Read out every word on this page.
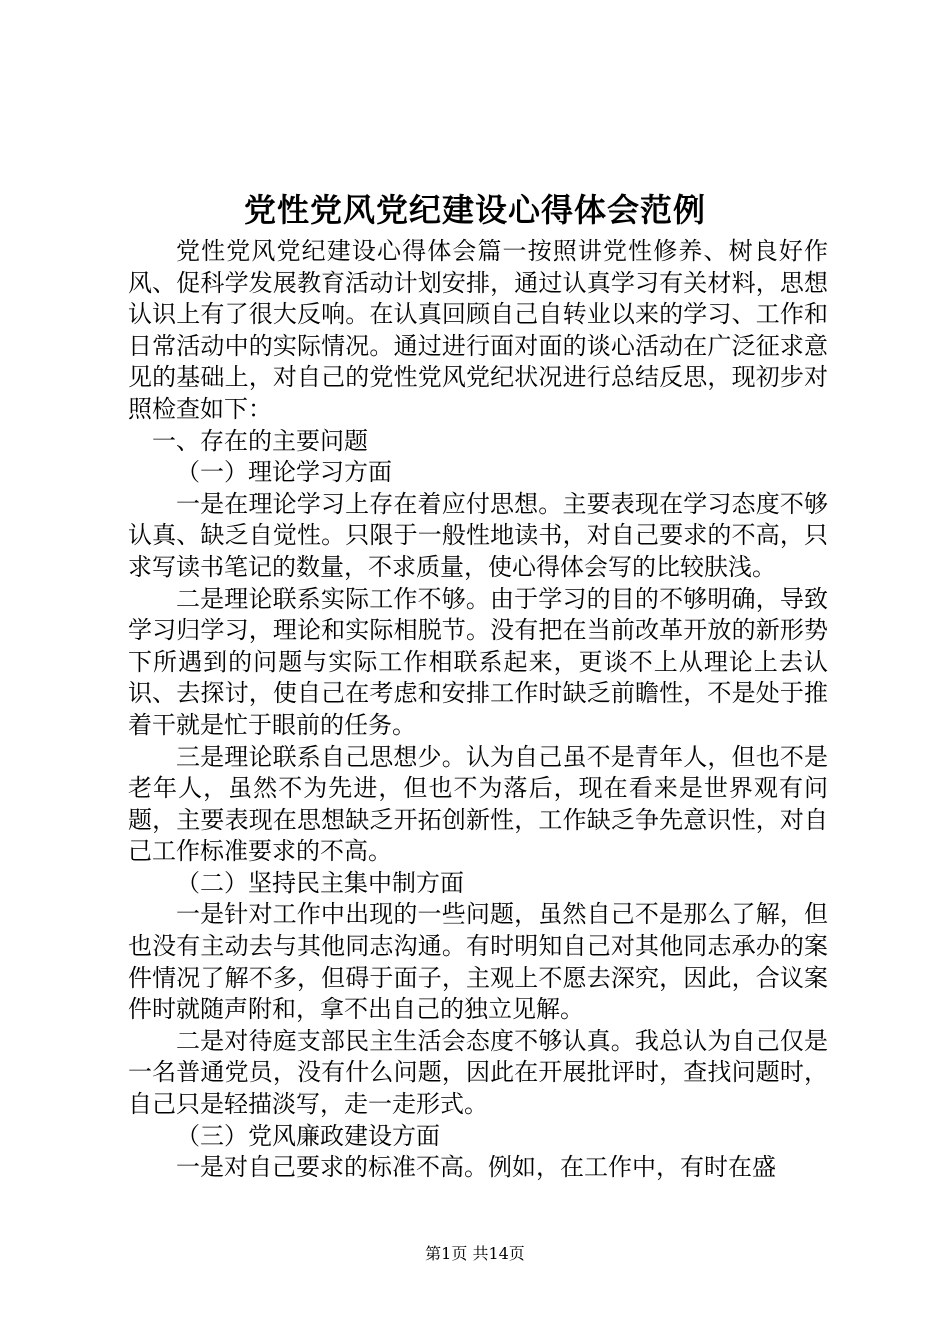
党性党风党纪建设心得体会范例

党性党风党纪建设心得体会篇一按照讲党性修养、树良好作风、促科学发展教育活动计划安排，通过认真学习有关材料，思想认识上有了很大反响。在认真回顾自己自转业以来的学习、工作和日常活动中的实际情况。通过进行面对面的谈心活动在广泛征求意见的基础上，对自己的党性党风党纪状况进行总结反思，现初步对照检查如下：

一、存在的主要问题

（一）理论学习方面

一是在理论学习上存在着应付思想。主要表现在学习态度不够认真、缺乏自觉性。只限于一般性地读书，对自己要求的不高，只求写读书笔记的数量，不求质量，使心得体会写的比较肤浅。

二是理论联系实际工作不够。由于学习的目的不够明确，导致学习归学习，理论和实际相脱节。没有把在当前改革开放的新形势下所遇到的问题与实际工作相联系起来，更谈不上从理论上去认识、去探讨，使自己在考虑和安排工作时缺乏前瞻性，不是处于推着干就是忙于眼前的任务。

三是理论联系自己思想少。认为自己虽不是青年人，但也不是老年人，虽然不为先进，但也不为落后，现在看来是世界观有问题，主要表现在思想缺乏开拓创新性，工作缺乏争先意识性，对自己工作标准要求的不高。

（二）坚持民主集中制方面

一是针对工作中出现的一些问题，虽然自己不是那么了解，但也没有主动去与其他同志沟通。有时明知自己对其他同志承办的案件情况了解不多，但碍于面子，主观上不愿去深究，因此，合议案件时就随声附和，拿不出自己的独立见解。

二是对待庭支部民主生活会态度不够认真。我总认为自己仅是一名普通党员，没有什么问题，因此在开展批评时，查找问题时，自己只是轻描淡写，走一走形式。

（三）党风廉政建设方面

一是对自己要求的标准不高。例如，在工作中，有时在盛

第1页 共14页
